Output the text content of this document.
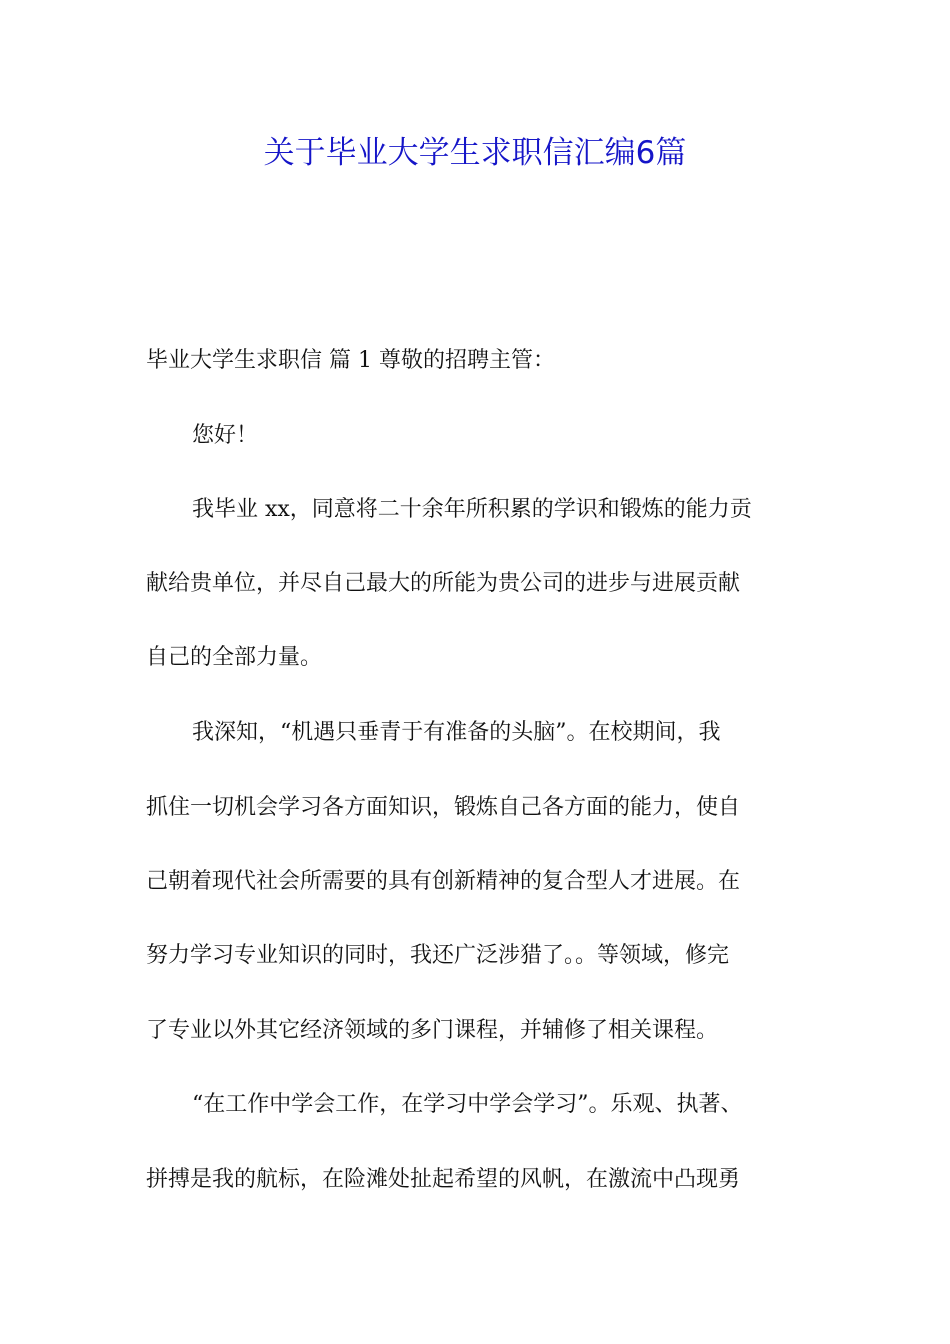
关于毕业大学生求职信汇编6篇

毕业大学生求职信 篇 1 尊敬的招聘主管：

您好！

我毕业 xx，同意将二十余年所积累的学识和锻炼的能力贡

献给贵单位，并尽自己最大的所能为贵公司的进步与进展贡献

自己的全部力量。

我深知，“机遇只垂青于有准备的头脑”。在校期间，我

抓住一切机会学习各方面知识，锻炼自己各方面的能力，使自

己朝着现代社会所需要的具有创新精神的复合型人才进展。在

努力学习专业知识的同时，我还广泛涉猎了。。等领域，修完

了专业以外其它经济领域的多门课程，并辅修了相关课程。

“在工作中学会工作，在学习中学会学习”。乐观、执著、

拼搏是我的航标，在险滩处扯起希望的风帆，在激流中凸现勇
